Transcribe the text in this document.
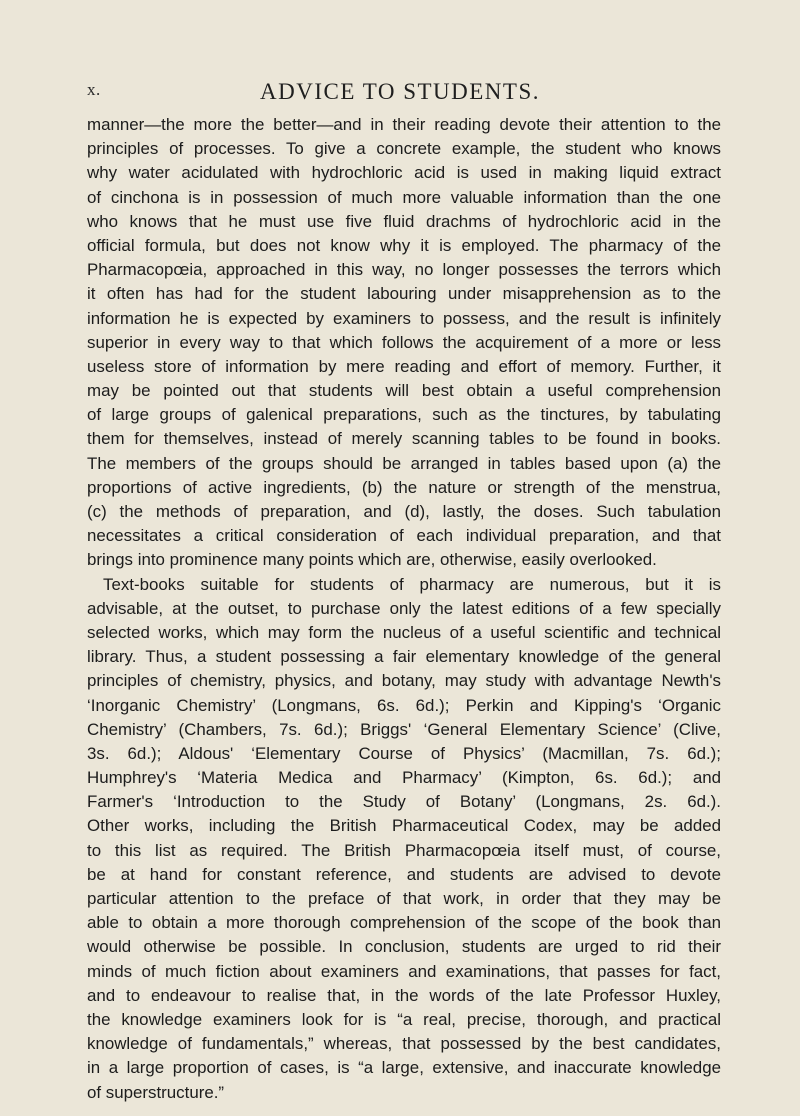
x.	ADVICE TO STUDENTS.
manner—the more the better—and in their reading devote their attention to the
principles of processes. To give a concrete example, the student who knows
why water acidulated with hydrochloric acid is used in making liquid extract
of cinchona is in possession of much more valuable information than the one
who knows that he must use five fluid drachms of hydrochloric acid in the
official formula, but does not know why it is employed. The pharmacy of the
Pharmacopœia, approached in this way, no longer possesses the terrors which
it often has had for the student labouring under misapprehension as to the
information he is expected by examiners to possess, and the result is infinitely
superior in every way to that which follows the acquirement of a more or less
useless store of information by mere reading and effort of memory. Further, it
may be pointed out that students will best obtain a useful comprehension
of large groups of galenical preparations, such as the tinctures, by tabulating
them for themselves, instead of merely scanning tables to be found in books.
The members of the groups should be arranged in tables based upon (a) the
proportions of active ingredients, (b) the nature or strength of the menstrua,
(c) the methods of preparation, and (d), lastly, the doses. Such tabulation
necessitates a critical consideration of each individual preparation, and that
brings into prominence many points which are, otherwise, easily overlooked.
Text-books suitable for students of pharmacy are numerous, but it is
advisable, at the outset, to purchase only the latest editions of a few specially
selected works, which may form the nucleus of a useful scientific and technical
library. Thus, a student possessing a fair elementary knowledge of the general
principles of chemistry, physics, and botany, may study with advantage Newth's
‘Inorganic Chemistry’ (Longmans, 6s. 6d.); Perkin and Kipping's ‘Organic
Chemistry’ (Chambers, 7s. 6d.); Briggs' ‘General Elementary Science’ (Clive,
3s. 6d.); Aldous' ‘Elementary Course of Physics’ (Macmillan, 7s. 6d.);
Humphrey's ‘Materia Medica and Pharmacy’ (Kimpton, 6s. 6d.); and
Farmer's ‘Introduction to the Study of Botany’ (Longmans, 2s. 6d.).
Other works, including the British Pharmaceutical Codex, may be added
to this list as required. The British Pharmacopœia itself must, of course,
be at hand for constant reference, and students are advised to devote
particular attention to the preface of that work, in order that they may be
able to obtain a more thorough comprehension of the scope of the book than
would otherwise be possible. In conclusion, students are urged to rid their
minds of much fiction about examiners and examinations, that passes for fact,
and to endeavour to realise that, in the words of the late Professor Huxley,
the knowledge examiners look for is “a real, precise, thorough, and practical
knowledge of fundamentals,” whereas, that possessed by the best candidates,
in a large proportion of cases, is “a large, extensive, and inaccurate knowledge
of superstructure.”
